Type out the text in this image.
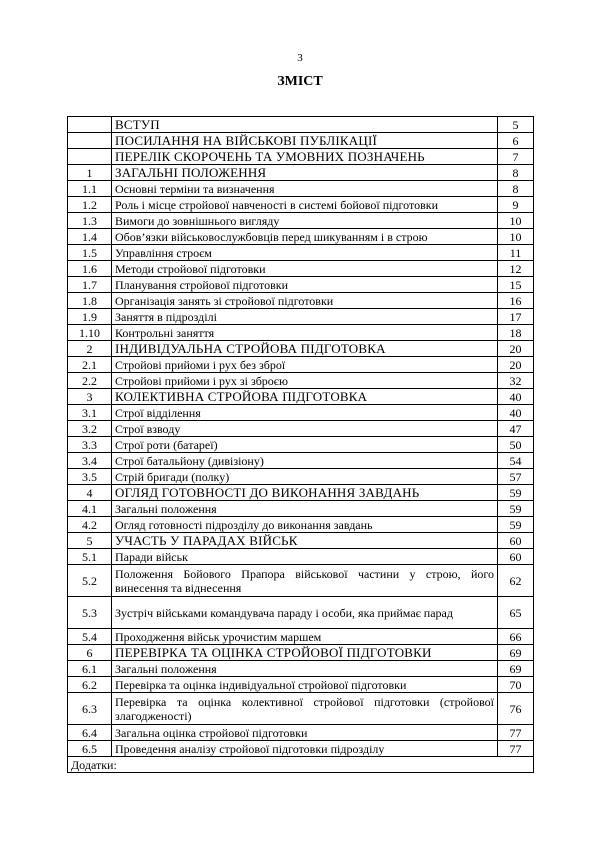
3
ЗМІСТ
	ВСТУП	5
	ПОСИЛАННЯ НА ВІЙСЬКОВІ ПУБЛІКАЦІЇ	6
	ПЕРЕЛІК СКОРОЧЕНЬ ТА УМОВНИХ ПОЗНАЧЕНЬ	7
1	ЗАГАЛЬНІ ПОЛОЖЕННЯ	8
1.1	Основні терміни та визначення	8
1.2	Роль і місце стройової навченості в системі бойової підготовки	9
1.3	Вимоги до зовнішнього вигляду	10
1.4	Обов’язки військовослужбовців перед шикуванням і в строю	10
1.5	Управління строєм	11
1.6	Методи стройової підготовки	12
1.7	Планування стройової підготовки	15
1.8	Організація занять зі стройової підготовки	16
1.9	Заняття в підрозділі	17
1.10	Контрольні заняття	18
2	ІНДИВІДУАЛЬНА СТРОЙОВА ПІДГОТОВКА	20
2.1	Стройові прийоми і рух без зброї	20
2.2	Стройові прийоми і рух зі зброєю	32
3	КОЛЕКТИВНА СТРОЙОВА ПІДГОТОВКА	40
3.1	Строї відділення	40
3.2	Строї взводу	47
3.3	Строї роти (батареї)	50
3.4	Строї батальйону (дивізіону)	54
3.5	Стрій бригади (полку)	57
4	ОГЛЯД ГОТОВНОСТІ ДО ВИКОНАННЯ ЗАВДАНЬ	59
4.1	Загальні положення	59
4.2	Огляд готовності підрозділу до виконання завдань	59
5	УЧАСТЬ У ПАРАДАХ ВІЙСЬК	60
5.1	Паради військ	60
5.2	Положення Бойового Прапора військової частини у строю, його винесення та віднесення	62
5.3	Зустріч військами командувача параду і особи, яка приймає парад	65
5.4	Проходження військ урочистим маршем	66
6	ПЕРЕВІРКА ТА ОЦІНКА СТРОЙОВОЇ ПІДГОТОВКИ	69
6.1	Загальні положення	69
6.2	Перевірка та оцінка індивідуальної стройової підготовки	70
6.3	Перевірка та оцінка колективної стройової підготовки (стройової злагодженості)	76
6.4	Загальна оцінка стройової підготовки	77
6.5	Проведення аналізу стройової підготовки підрозділу	77
Додатки:		
